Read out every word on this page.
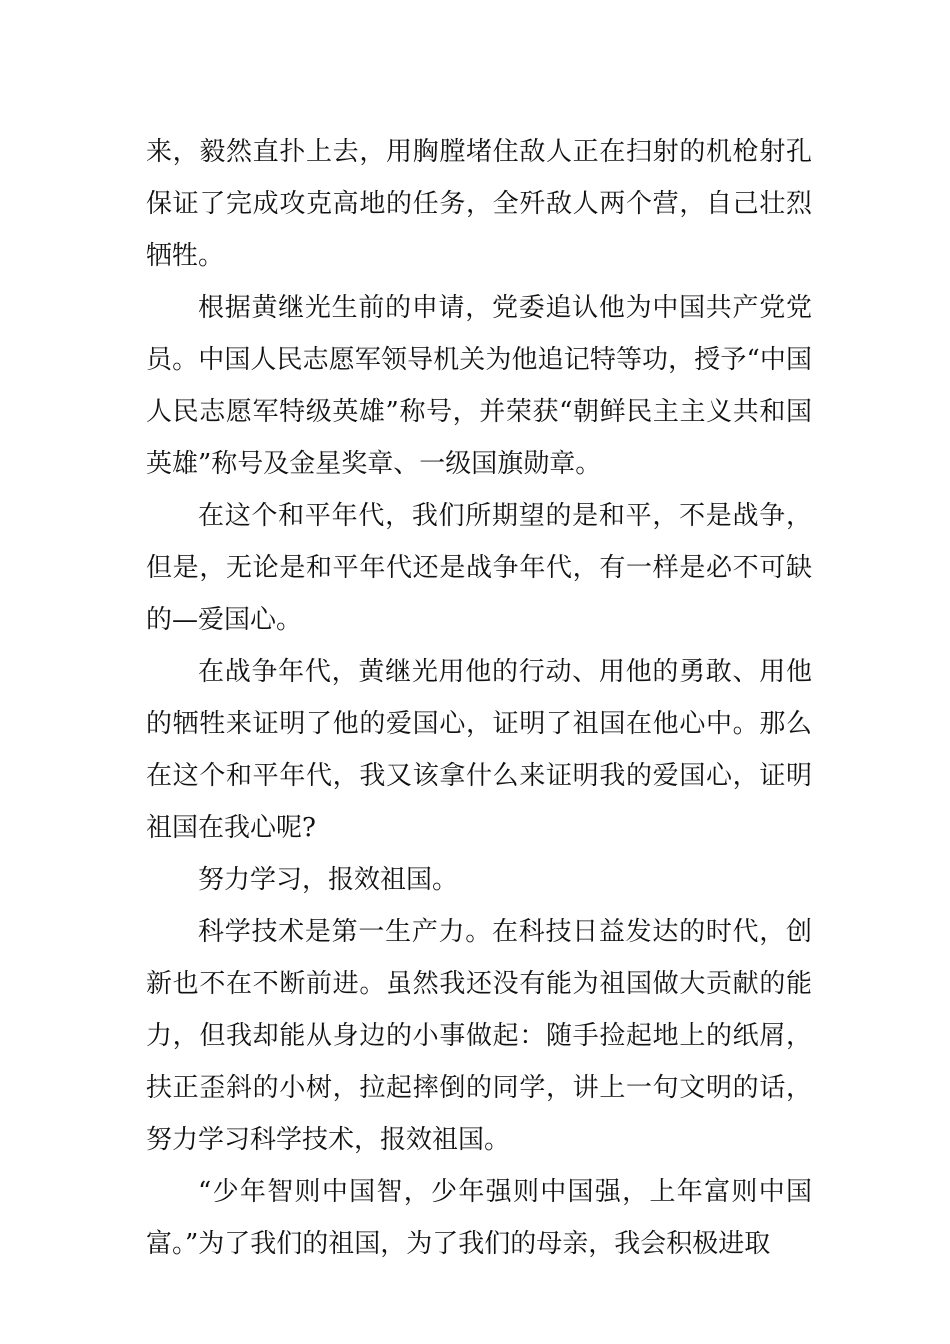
来，毅然直扑上去，用胸膛堵住敌人正在扫射的机枪射孔保证了完成攻克高地的任务，全歼敌人两个营，自己壮烈牺牲。

根据黄继光生前的申请，党委追认他为中国共产党党员。中国人民志愿军领导机关为他追记特等功，授予“中国人民志愿军特级英雄”称号，并荣获“朝鲜民主主义共和国英雄”称号及金星奖章、一级国旗勋章。

在这个和平年代，我们所期望的是和平，不是战争，但是，无论是和平年代还是战争年代，有一样是必不可缺的—爱国心。

在战争年代，黄继光用他的行动、用他的勇敢、用他的牺牲来证明了他的爱国心，证明了祖国在他心中。那么在这个和平年代，我又该拿什么来证明我的爱国心，证明祖国在我心呢?

努力学习，报效祖国。

科学技术是第一生产力。在科技日益发达的时代，创新也不在不断前进。虽然我还没有能为祖国做大贡献的能力，但我却能从身边的小事做起：随手捡起地上的纸屑，扶正歪斜的小树，拉起摔倒的同学，讲上一句文明的话，努力学习科学技术，报效祖国。

“少年智则中国智，少年强则中国强，上年富则中国富。”为了我们的祖国，为了我们的母亲，我会积极进取
